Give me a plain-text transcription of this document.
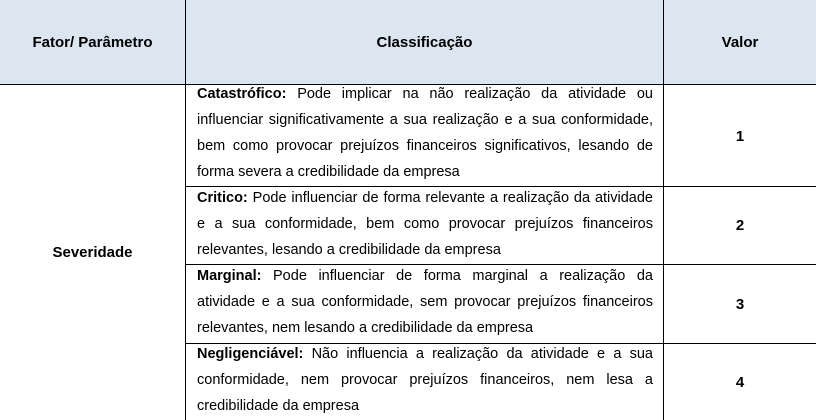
Fator/ Parâmetro	Classificação	Valor
Severidade
Catastrófico: Pode implicar na não realização da atividade ou influenciar significativamente a sua realização e a sua conformidade, bem como provocar prejuízos financeiros significativos, lesando de forma severa a credibilidade da empresa
1
Critico: Pode influenciar de forma relevante a realização da atividade e a sua conformidade, bem como provocar prejuízos financeiros relevantes, lesando a credibilidade da empresa
2
Marginal: Pode influenciar de forma marginal a realização da atividade e a sua conformidade, sem provocar prejuízos financeiros relevantes, nem lesando a credibilidade da empresa
3
Negligenciável: Não influencia a realização da atividade e a sua conformidade, nem provocar prejuízos financeiros, nem lesa a credibilidade da empresa
4
